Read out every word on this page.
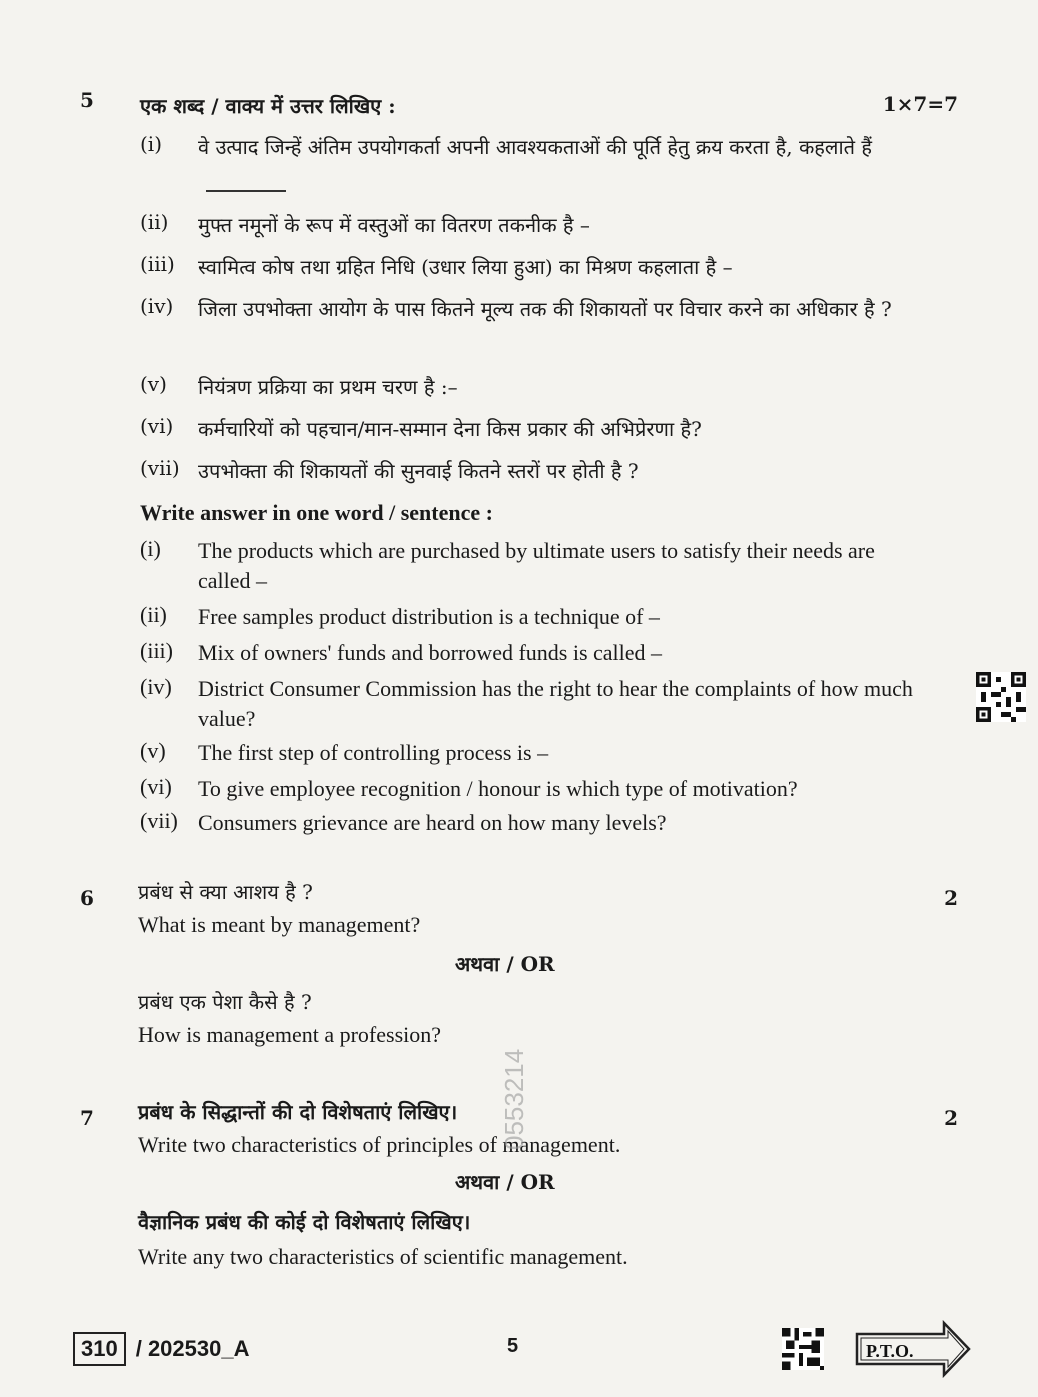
5 एक शब्द / वाक्य में उत्तर लिखिए :	1×7=7
(i)	वे उत्पाद जिन्हें अंतिम उपयोगकर्ता अपनी आवश्यकताओं की पूर्ति हेतु क्रय करता है, कहलाते हैं
(ii)	मुफ्त नमूनों के रूप में वस्तुओं का वितरण तकनीक है –
(iii)	स्वामित्व कोष तथा ग्रहित निधि (उधार लिया हुआ) का मिश्रण कहलाता है –
(iv)	जिला उपभोक्ता आयोग के पास कितने मूल्य तक की शिकायतों पर विचार करने का अधिकार है ?
(v)	नियंत्रण प्रक्रिया का प्रथम चरण है :–
(vi)	कर्मचारियों को पहचान/मान-सम्मान देना किस प्रकार की अभिप्रेरणा है?
(vii) उपभोक्ता की शिकायतों की सुनवाई कितने स्तरों पर होती है ?
Write answer in one word / sentence :
(i)	The products which are purchased by ultimate users to satisfy their needs are called –
(ii)	Free samples product distribution is a technique of –
(iii)	Mix of owners' funds and borrowed funds is called –
(iv)	District Consumer Commission has the right to hear the complaints of how much value?
(v)	The first step of controlling process is –
(vi)	To give employee recognition / honour is which type of motivation?
(vii) Consumers grievance are heard on how many levels?
6	2
प्रबंध से क्या आशय है ?
What is meant by management?
अथवा / OR
प्रबंध एक पेशा कैसे है ?
How is management a profession?
7	2
प्रबंध के सिद्धान्तों की दो विशेषताएं लिखिए।
Write two characteristics of principles of management.
अथवा / OR
वैज्ञानिक प्रबंध की कोई दो विशेषताएं लिखिए।
Write any two characteristics of scientific management.
0553214
310 / 202530_A	5	P.T.O.
